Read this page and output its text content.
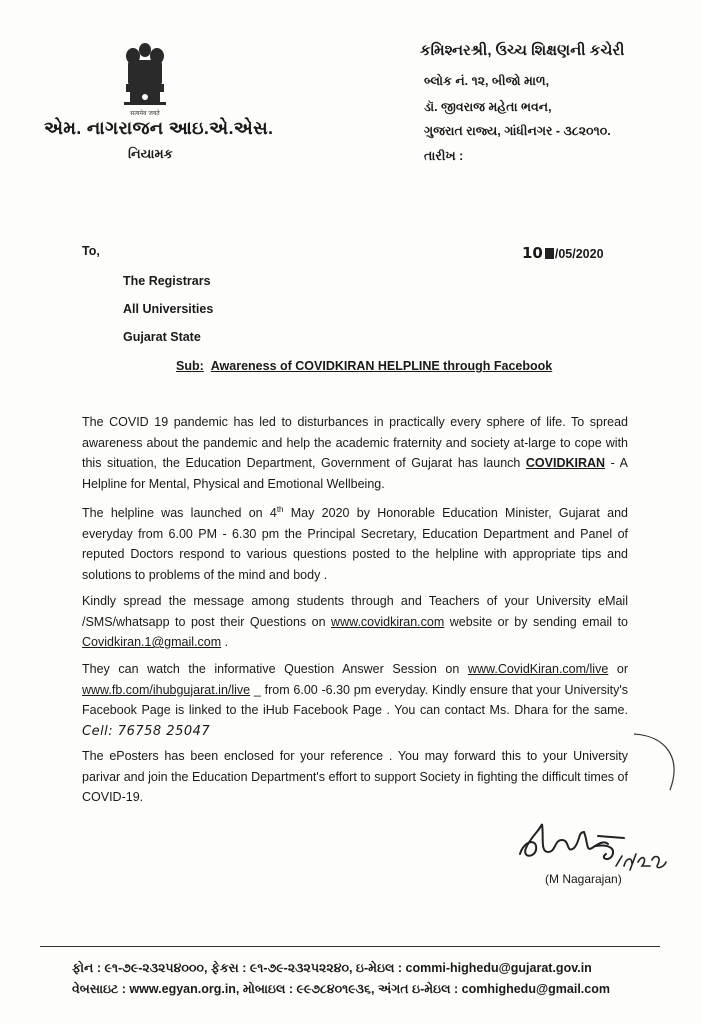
सत्यमेव जयते
એમ. નાગરાજન આઇ.એ.એસ.
નિયામક
કમિશ્નરશ્રી, ઉચ્ચ શિક્ષણની કચેરી
બ્લોક નં. ૧૨, બીજો માળ,
ડૉ. જીવરાજ મહેતા ભવન,
ગુજરાત રાજ્ય, ગાંધીનગર - ૩૮૨૦૧૦.
તારીખ :
To,	10 /05/2020
The Registrars
All Universities
Gujarat State
Sub: Awareness of COVIDKIRAN HELPLINE through Facebook

The COVID 19 pandemic has led to disturbances in practically every sphere of life. To spread awareness about the pandemic and help the academic fraternity and society at-large to cope with this situation, the Education Department, Government of Gujarat has launch COVIDKIRAN - A Helpline for Mental, Physical and Emotional Wellbeing.

The helpline was launched on 4th May 2020 by Honorable Education Minister, Gujarat and everyday from 6.00 PM - 6.30 pm the Principal Secretary, Education Department and Panel of reputed Doctors respond to various questions posted to the helpline with appropriate tips and solutions to problems of the mind and body .

Kindly spread the message among students through and Teachers of your University eMail /SMS/whatsapp to post their Questions on www.covidkiran.com website or by sending email to Covidkiran.1@gmail.com .

They can watch the informative Question Answer Session on www.CovidKiran.com/live or www.fb.com/ihubgujarat.in/live _ from 6.00 -6.30 pm everyday. Kindly ensure that your University's Facebook Page is linked to the iHub Facebook Page . You can contact Ms. Dhara for the same. Cell: 76758 25047

The ePosters has been enclosed for your reference . You may forward this to your University parivar and join the Education Department's effort to support Society in fighting the difficult times of COVID-19.

(M Nagarajan)
ફોન : ૯૧-૭૯-૨૩૨૫૪૦૦૦, ફેકસ : ૯૧-૭૯-૨૩૨૫૨૨૪૦, ઇ-મેઇલ : commi-highedu@gujarat.gov.in
વેબસાઇટ : www.egyan.org.in, મોબાઇલ : ૯૯૭૮૪૦૧૯૩૬, અંગત ઇ-મેઇલ : comhighedu@gmail.com
